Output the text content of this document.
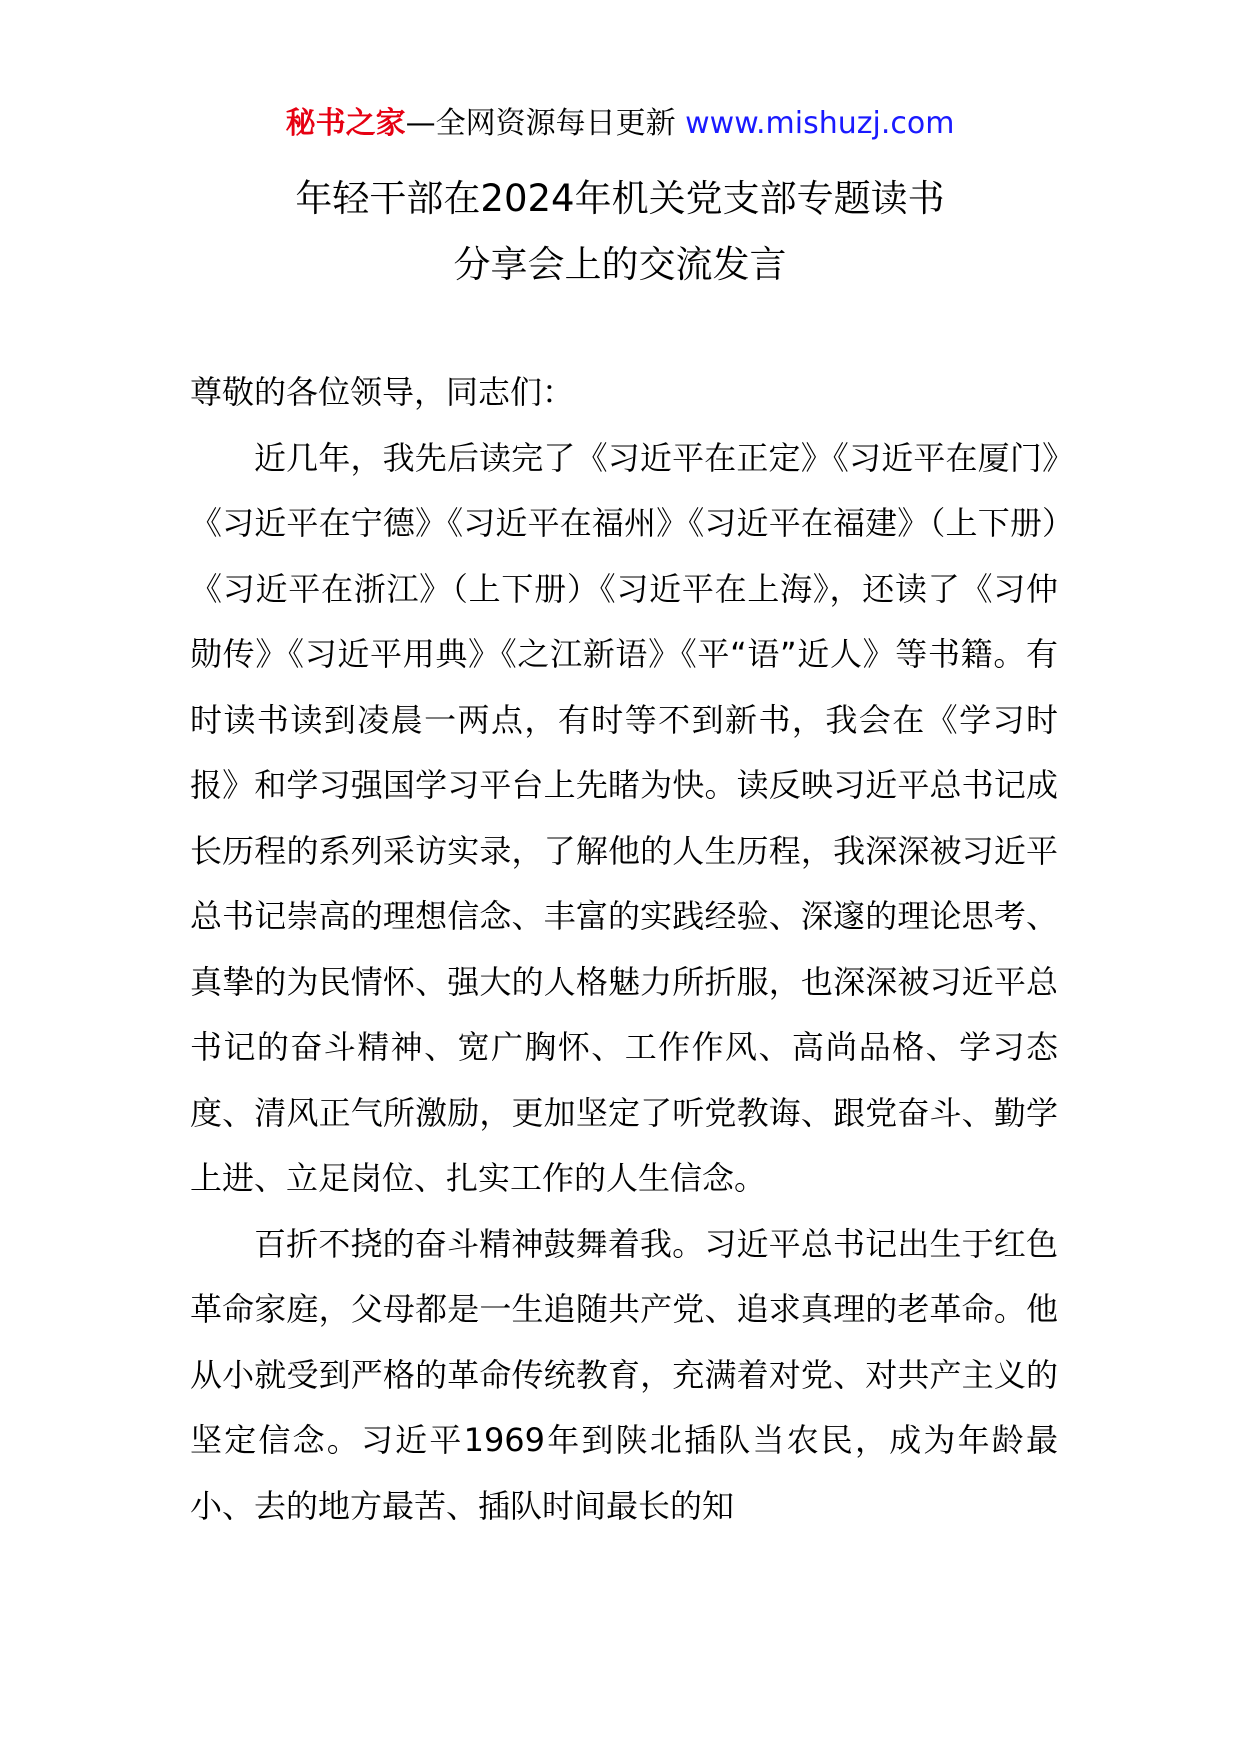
秘书之家—全网资源每日更新 www.mishuzj.com
年轻干部在2024年机关党支部专题读书
分享会上的交流发言

尊敬的各位领导，同志们：

近几年，我先后读完了《习近平在正定》《习近平在厦门》《习近平在宁德》《习近平在福州》《习近平在福建》（上下册）《习近平在浙江》（上下册）《习近平在上海》，还读了《习仲勋传》《习近平用典》《之江新语》《平“语”近人》等书籍。有时读书读到凌晨一两点，有时等不到新书，我会在《学习时报》和学习强国学习平台上先睹为快。读反映习近平总书记成长历程的系列采访实录，了解他的人生历程，我深深被习近平总书记崇高的理想信念、丰富的实践经验、深邃的理论思考、真挚的为民情怀、强大的人格魅力所折服，也深深被习近平总书记的奋斗精神、宽广胸怀、工作作风、高尚品格、学习态度、清风正气所激励，更加坚定了听党教诲、跟党奋斗、勤学上进、立足岗位、扎实工作的人生信念。

百折不挠的奋斗精神鼓舞着我。习近平总书记出生于红色革命家庭，父母都是一生追随共产党、追求真理的老革命。他从小就受到严格的革命传统教育，充满着对党、对共产主义的坚定信念。习近平1969年到陕北插队当农民，成为年龄最小、去的地方最苦、插队时间最长的知
